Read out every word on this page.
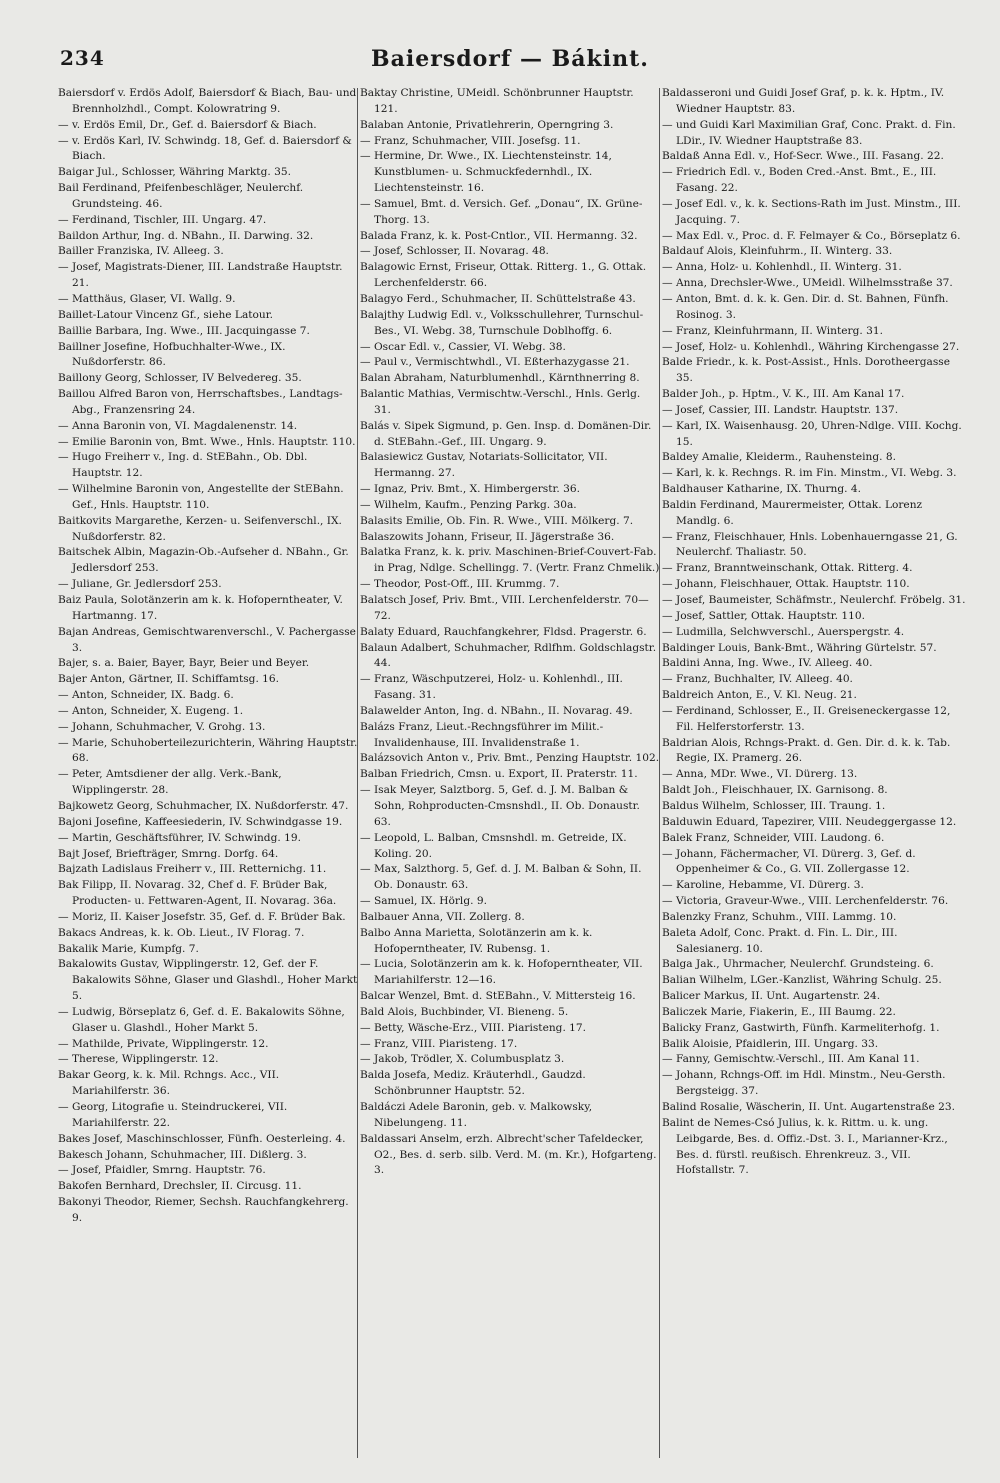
234	Baiersdorf — Bákint.

Baiersdorf v. Erdös Adolf, Baiersdorf & Biach, Bau- und Brennholzhdl., Compt. Kolowratring 9.

— v. Erdös Emil, Dr., Gef. d. Baiersdorf & Biach.

— v. Erdös Karl, IV. Schwindg. 18, Gef. d. Baiersdorf & Biach.

Baigar Jul., Schlosser, Währing Marktg. 35.

Bail Ferdinand, Pfeifenbeschläger, Neulerchf. Grundsteing. 46.

— Ferdinand, Tischler, III. Ungarg. 47.

Baildon Arthur, Ing. d. NBahn., II. Darwing. 32.

Bailler Franziska, IV. Alleeg. 3.

— Josef, Magistrats-Diener, III. Landstraße Hauptstr. 21.

— Matthäus, Glaser, VI. Wallg. 9.

Baillet-Latour Vincenz Gf., siehe Latour.

Baillie Barbara, Ing. Wwe., III. Jacquingasse 7.

Baillner Josefine, Hofbuchhalter-Wwe., IX. Nußdorferstr. 86.

Baillony Georg, Schlosser, IV Belvedereg. 35.

Baillou Alfred Baron von, Herrschaftsbes., Landtags-Abg., Franzensring 24.

— Anna Baronin von, VI. Magdalenenstr. 14.

— Emilie Baronin von, Bmt. Wwe., Hnls. Hauptstr. 110.

— Hugo Freiherr v., Ing. d. StEBahn., Ob. Dbl. Hauptstr. 12.

— Wilhelmine Baronin von, Angestellte der StEBahn. Gef., Hnls. Hauptstr. 110.

Baitkovits Margarethe, Kerzen- u. Seifenverschl., IX. Nußdorferstr. 82.

Baitschek Albin, Magazin-Ob.-Aufseher d. NBahn., Gr. Jedlersdorf 253.

— Juliane, Gr. Jedlersdorf 253.

Baiz Paula, Solotänzerin am k. k. Hofoperntheater, V. Hartmanng. 17.

Bajan Andreas, Gemischtwarenverschl., V. Pachergasse 3.

Bajer, s. a. Baier, Bayer, Bayr, Beier und Beyer.

Bajer Anton, Gärtner, II. Schiffamtsg. 16.

— Anton, Schneider, IX. Badg. 6.

— Anton, Schneider, X. Eugeng. 1.

— Johann, Schuhmacher, V. Grohg. 13.

— Marie, Schuhoberteilezurichterin, Währing Hauptstr. 68.

— Peter, Amtsdiener der allg. Verk.-Bank, Wipplingerstr. 28.

Bajkowetz Georg, Schuhmacher, IX. Nußdorferstr. 47.

Bajoni Josefine, Kaffeesiederin, IV. Schwindgasse 19.

— Martin, Geschäftsführer, IV. Schwindg. 19.

Bajt Josef, Briefträger, Smrng. Dorfg. 64.

Bajzath Ladislaus Freiherr v., III. Retternichg. 11.

Bak Filipp, II. Novarag. 32, Chef d. F. Brüder Bak, Producten- u. Fettwaren-Agent, II. Novarag. 36a.

— Moriz, II. Kaiser Josefstr. 35, Gef. d. F. Brüder Bak.

Bakacs Andreas, k. k. Ob. Lieut., IV Florag. 7.

Bakalik Marie, Kumpfg. 7.

Bakalowits Gustav, Wipplingerstr. 12, Gef. der F. Bakalowits Söhne, Glaser und Glashdl., Hoher Markt 5.

— Ludwig, Börseplatz 6, Gef. d. E. Bakalowits Söhne, Glaser u. Glashdl., Hoher Markt 5.

— Mathilde, Private, Wipplingerstr. 12.

— Therese, Wipplingerstr. 12.

Bakar Georg, k. k. Mil. Rchngs. Acc., VII. Mariahilferstr. 36.

— Georg, Litografie u. Steindruckerei, VII. Mariahilferstr. 22.

Bakes Josef, Maschinschlosser, Fünfh. Oesterleing. 4.

Bakesch Johann, Schuhmacher, III. Dißlerg. 3.

— Josef, Pfaidler, Smrng. Hauptstr. 76.

Bakofen Bernhard, Drechsler, II. Circusg. 11.

Bakonyi Theodor, Riemer, Sechsh. Rauchfangkehrerg. 9.

Baktay Christine, UMeidl. Schönbrunner Hauptstr. 121.

Balaban Antonie, Privatlehrerin, Operngring 3.

— Franz, Schuhmacher, VIII. Josefsg. 11.

— Hermine, Dr. Wwe., IX. Liechtensteinstr. 14, Kunstblumen- u. Schmuckfedernhdl., IX. Liechtensteinstr. 16.

— Samuel, Bmt. d. Versich. Gef. „Donau“, IX. Grüne-Thorg. 13.

Balada Franz, k. k. Post-Cntlor., VII. Hermanng. 32.

— Josef, Schlosser, II. Novarag. 48.

Balagowic Ernst, Friseur, Ottak. Ritterg. 1., G. Ottak. Lerchenfelderstr. 66.

Balagyo Ferd., Schuhmacher, II. Schüttelstraße 43.

Balajthy Ludwig Edl. v., Volksschullehrer, Turnschul-Bes., VI. Webg. 38, Turnschule Doblhoffg. 6.

— Oscar Edl. v., Cassier, VI. Webg. 38.

— Paul v., Vermischtwhdl., VI. Eßterhazygasse 21.

Balan Abraham, Naturblumenhdl., Kärnthnerring 8.

Balantic Mathias, Vermischtw.-Verschl., Hnls. Gerlg. 31.

Balás v. Sipek Sigmund, p. Gen. Insp. d. Domänen-Dir. d. StEBahn.-Gef., III. Ungarg. 9.

Balasiewicz Gustav, Notariats-Sollicitator, VII. Hermanng. 27.

— Ignaz, Priv. Bmt., X. Himbergerstr. 36.

— Wilhelm, Kaufm., Penzing Parkg. 30a.

Balasits Emilie, Ob. Fin. R. Wwe., VIII. Mölkerg. 7.

Balaszowits Johann, Friseur, II. Jägerstraße 36.

Balatka Franz, k. k. priv. Maschinen-Brief-Couvert-Fab. in Prag, Ndlge. Schellingg. 7. (Vertr. Franz Chmelik.)

— Theodor, Post-Off., III. Krummg. 7.

Balatsch Josef, Priv. Bmt., VIII. Lerchenfelderstr. 70—72.

Balaty Eduard, Rauchfangkehrer, Fldsd. Pragerstr. 6.

Balaun Adalbert, Schuhmacher, Rdlfhm. Goldschlagstr. 44.

— Franz, Wäschputzerei, Holz- u. Kohlenhdl., III. Fasang. 31.

Balawelder Anton, Ing. d. NBahn., II. Novarag. 49.

Balázs Franz, Lieut.-Rechngsführer im Milit.-Invalidenhause, III. Invalidenstraße 1.

Balázsovich Anton v., Priv. Bmt., Penzing Hauptstr. 102.

Balban Friedrich, Cmsn. u. Export, II. Praterstr. 11.

— Isak Meyer, Salztborg. 5, Gef. d. J. M. Balban & Sohn, Rohproducten-Cmsnshdl., II. Ob. Donaustr. 63.

— Leopold, L. Balban, Cmsnshdl. m. Getreide, IX. Koling. 20.

— Max, Salzthorg. 5, Gef. d. J. M. Balban & Sohn, II. Ob. Donaustr. 63.

— Samuel, IX. Hörlg. 9.

Balbauer Anna, VII. Zollerg. 8.

Balbo Anna Marietta, Solotänzerin am k. k. Hofoperntheater, IV. Rubensg. 1.

— Lucia, Solotänzerin am k. k. Hofoperntheater, VII. Mariahilferstr. 12—16.

Balcar Wenzel, Bmt. d. StEBahn., V. Mittersteig 16.

Bald Alois, Buchbinder, VI. Bieneng. 5.

— Betty, Wäsche-Erz., VIII. Piaristeng. 17.

— Franz, VIII. Piaristeng. 17.

— Jakob, Trödler, X. Columbusplatz 3.

Balda Josefa, Mediz. Kräuterhdl., Gaudzd. Schönbrunner Hauptstr. 52.

Baldáczi Adele Baronin, geb. v. Malkowsky, Nibelungeng. 11.

Baldassari Anselm, erzh. Albrecht'scher Tafeldecker, O2., Bes. d. serb. silb. Verd. M. (m. Kr.), Hofgarteng. 3.

Baldasseroni und Guidi Josef Graf, p. k. k. Hptm., IV. Wiedner Hauptstr. 83.

— und Guidi Karl Maximilian Graf, Conc. Prakt. d. Fin. LDir., IV. Wiedner Hauptstraße 83.

Baldaß Anna Edl. v., Hof-Secr. Wwe., III. Fasang. 22.

— Friedrich Edl. v., Boden Cred.-Anst. Bmt., E., III. Fasang. 22.

— Josef Edl. v., k. k. Sections-Rath im Just. Minstm., III. Jacquing. 7.

— Max Edl. v., Proc. d. F. Felmayer & Co., Börseplatz 6.

Baldauf Alois, Kleinfuhrm., II. Winterg. 33.

— Anna, Holz- u. Kohlenhdl., II. Winterg. 31.

— Anna, Drechsler-Wwe., UMeidl. Wilhelmsstraße 37.

— Anton, Bmt. d. k. k. Gen. Dir. d. St. Bahnen, Fünfh. Rosinog. 3.

— Franz, Kleinfuhrmann, II. Winterg. 31.

— Josef, Holz- u. Kohlenhdl., Währing Kirchengasse 27.

Balde Friedr., k. k. Post-Assist., Hnls. Dorotheergasse 35.

Balder Joh., p. Hptm., V. K., III. Am Kanal 17.

— Josef, Cassier, III. Landstr. Hauptstr. 137.

— Karl, IX. Waisenhausg. 20, Uhren-Ndlge. VIII. Kochg. 15.

Baldey Amalie, Kleiderm., Rauhensteing. 8.

— Karl, k. k. Rechngs. R. im Fin. Minstm., VI. Webg. 3.

Baldhauser Katharine, IX. Thurng. 4.

Baldin Ferdinand, Maurermeister, Ottak. Lorenz Mandlg. 6.

— Franz, Fleischhauer, Hnls. Lobenhauerngasse 21, G. Neulerchf. Thaliastr. 50.

— Franz, Branntweinschank, Ottak. Ritterg. 4.

— Johann, Fleischhauer, Ottak. Hauptstr. 110.

— Josef, Baumeister, Schäfmstr., Neulerchf. Fröbelg. 31.

— Josef, Sattler, Ottak. Hauptstr. 110.

— Ludmilla, Selchwverschl., Auerspergstr. 4.

Baldinger Louis, Bank-Bmt., Währing Gürtelstr. 57.

Baldini Anna, Ing. Wwe., IV. Alleeg. 40.

— Franz, Buchhalter, IV. Alleeg. 40.

Baldreich Anton, E., V. Kl. Neug. 21.

— Ferdinand, Schlosser, E., II. Greiseneckergasse 12, Fil. Helferstorferstr. 13.

Baldrian Alois, Rchngs-Prakt. d. Gen. Dir. d. k. k. Tab. Regie, IX. Pramerg. 26.

— Anna, MDr. Wwe., VI. Dürerg. 13.

Baldt Joh., Fleischhauer, IX. Garnisong. 8.

Baldus Wilhelm, Schlosser, III. Traung. 1.

Balduwin Eduard, Tapezirer, VIII. Neudeggergasse 12.

Balek Franz, Schneider, VIII. Laudong. 6.

— Johann, Fächermacher, VI. Dürerg. 3, Gef. d. Oppenheimer & Co., G. VII. Zollergasse 12.

— Karoline, Hebamme, VI. Dürerg. 3.

— Victoria, Graveur-Wwe., VIII. Lerchenfelderstr. 76.

Balenzky Franz, Schuhm., VIII. Lammg. 10.

Baleta Adolf, Conc. Prakt. d. Fin. L. Dir., III. Salesianerg. 10.

Balga Jak., Uhrmacher, Neulerchf. Grundsteing. 6.

Balian Wilhelm, LGer.-Kanzlist, Währing Schulg. 25.

Balicer Markus, II. Unt. Augartenstr. 24.

Baliczek Marie, Fiakerin, E., III Baumg. 22.

Balicky Franz, Gastwirth, Fünfh. Karmeliterhofg. 1.

Balik Aloisie, Pfaidlerin, III. Ungarg. 33.

— Fanny, Gemischtw.-Verschl., III. Am Kanal 11.

— Johann, Rchngs-Off. im Hdl. Minstm., Neu-Gersth. Bergsteigg. 37.

Balind Rosalie, Wäscherin, II. Unt. Augartenstraße 23.

Balint de Nemes-Csó Julius, k. k. Rittm. u. k. ung. Leibgarde, Bes. d. Offiz.-Dst. 3. I., Marianner-Krz., Bes. d. fürstl. reußisch. Ehrenkreuz. 3., VII. Hofstallstr. 7.
